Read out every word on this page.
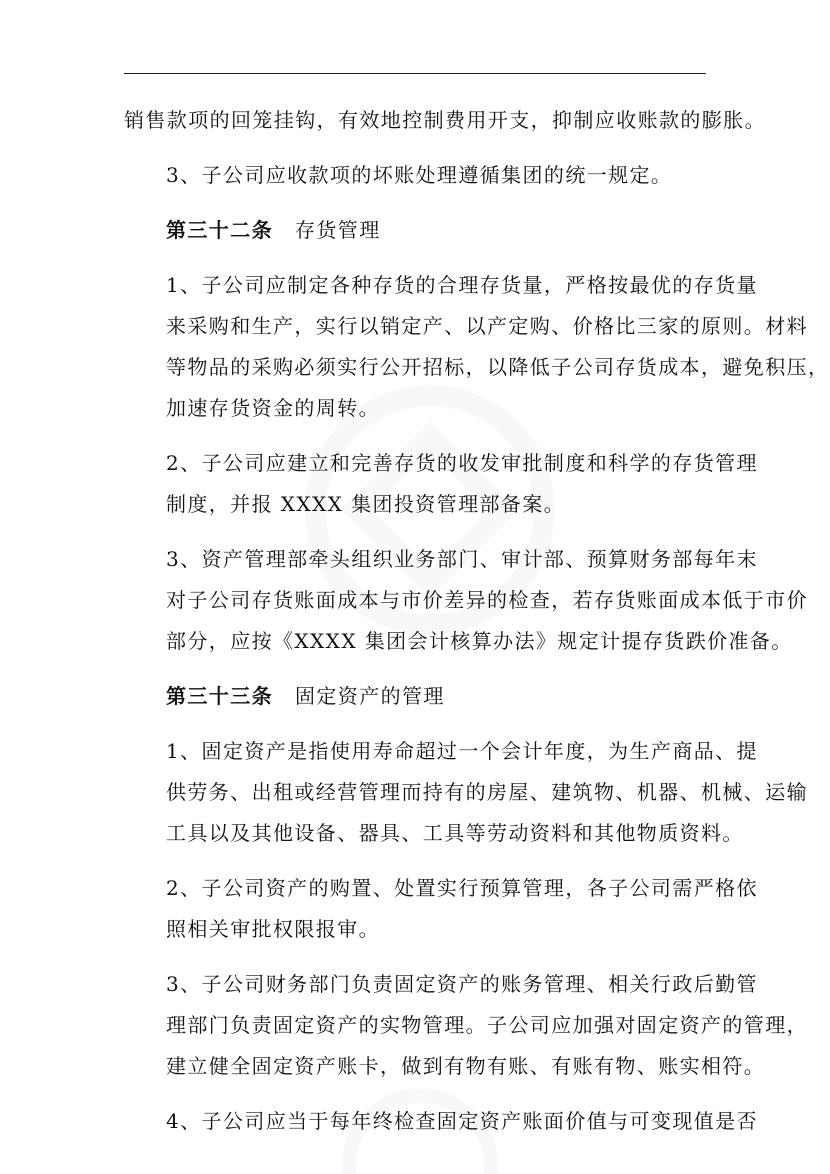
销售款项的回笼挂钩，有效地控制费用开支，抑制应收账款的膨胀。
3、子公司应收款项的坏账处理遵循集团的统一规定。
第三十二条 存货管理
1、子公司应制定各种存货的合理存货量，严格按最优的存货量
来采购和生产，实行以销定产、以产定购、价格比三家的原则。材料
等物品的采购必须实行公开招标，以降低子公司存货成本，避免积压，
加速存货资金的周转。
2、子公司应建立和完善存货的收发审批制度和科学的存货管理
制度，并报 XXXX 集团投资管理部备案。
3、资产管理部牵头组织业务部门、审计部、预算财务部每年末
对子公司存货账面成本与市价差异的检查，若存货账面成本低于市价
部分，应按《XXXX 集团会计核算办法》规定计提存货跌价准备。
第三十三条 固定资产的管理
1、固定资产是指使用寿命超过一个会计年度，为生产商品、提
供劳务、出租或经营管理而持有的房屋、建筑物、机器、机械、运输
工具以及其他设备、器具、工具等劳动资料和其他物质资料。
2、子公司资产的购置、处置实行预算管理，各子公司需严格依
照相关审批权限报审。
3、子公司财务部门负责固定资产的账务管理、相关行政后勤管
理部门负责固定资产的实物管理。子公司应加强对固定资产的管理，
建立健全固定资产账卡，做到有物有账、有账有物、账实相符。
4、子公司应当于每年终检查固定资产账面价值与可变现值是否
